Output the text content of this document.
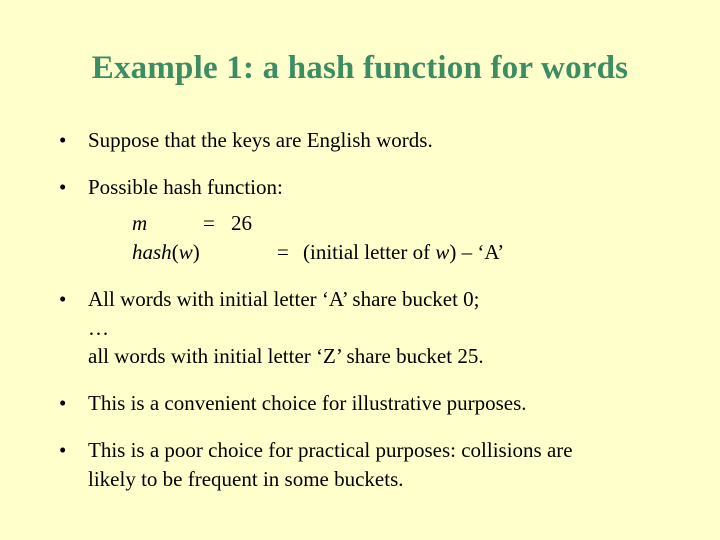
Example 1: a hash function for words
•	Suppose that the keys are English words.
•	Possible hash function:
m	= 26
hash(w)	= (initial letter of w) – ‘A’
•	All words with initial letter ‘A’ share bucket 0;
…
all words with initial letter ‘Z’ share bucket 25.
•	This is a convenient choice for illustrative purposes.
•	This is a poor choice for practical purposes: collisions are
likely to be frequent in some buckets.
